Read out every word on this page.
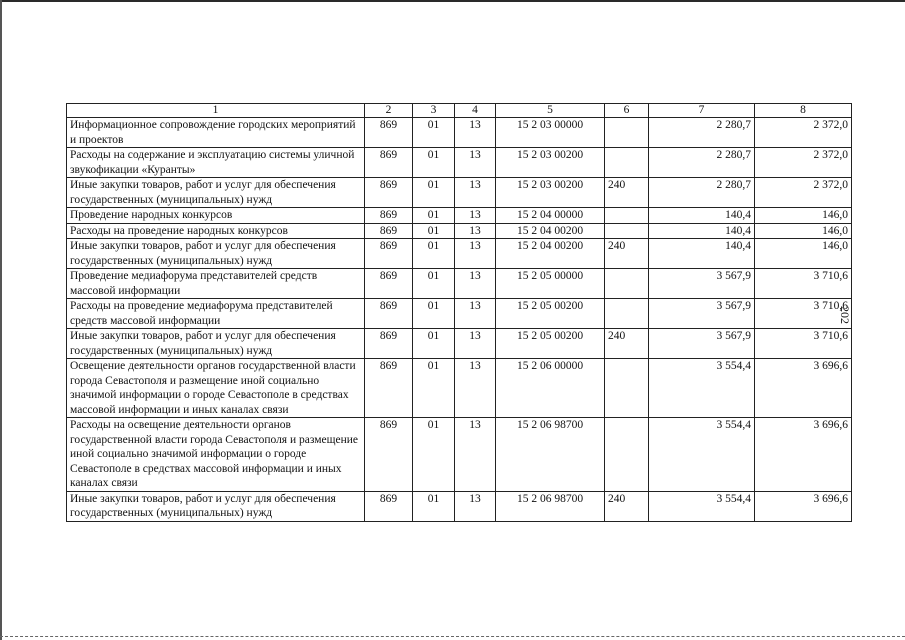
202
1	2	3	4	5	6	7	8
Информационное сопровождение городских мероприятий и проектов	869	01	13	15 2 03 00000		2 280,7	2 372,0
Расходы на содержание и эксплуатацию системы уличной звукофикации «Куранты»	869	01	13	15 2 03 00200		2 280,7	2 372,0
Иные закупки товаров, работ и услуг для обеспечения государственных (муниципальных) нужд	869	01	13	15 2 03 00200	240	2 280,7	2 372,0
Проведение народных конкурсов	869	01	13	15 2 04 00000		140,4	146,0
Расходы на проведение народных конкурсов	869	01	13	15 2 04 00200		140,4	146,0
Иные закупки товаров, работ и услуг для обеспечения государственных (муниципальных) нужд	869	01	13	15 2 04 00200	240	140,4	146,0
Проведение медиафорума представителей средств массовой информации	869	01	13	15 2 05 00000		3 567,9	3 710,6
Расходы на проведение медиафорума представителей средств массовой информации	869	01	13	15 2 05 00200		3 567,9	3 710,6
Иные закупки товаров, работ и услуг для обеспечения государственных (муниципальных) нужд	869	01	13	15 2 05 00200	240	3 567,9	3 710,6
Освещение деятельности органов государственной власти города Севастополя и размещение иной социально значимой информации о городе Севастополе в средствах массовой информации и иных каналах связи	869	01	13	15 2 06 00000		3 554,4	3 696,6
Расходы на освещение деятельности органов государственной власти города Севастополя и размещение иной социально значимой информации о городе Севастополе в средствах массовой информации и иных каналах связи	869	01	13	15 2 06 98700		3 554,4	3 696,6
Иные закупки товаров, работ и услуг для обеспечения государственных (муниципальных) нужд	869	01	13	15 2 06 98700	240	3 554,4	3 696,6
